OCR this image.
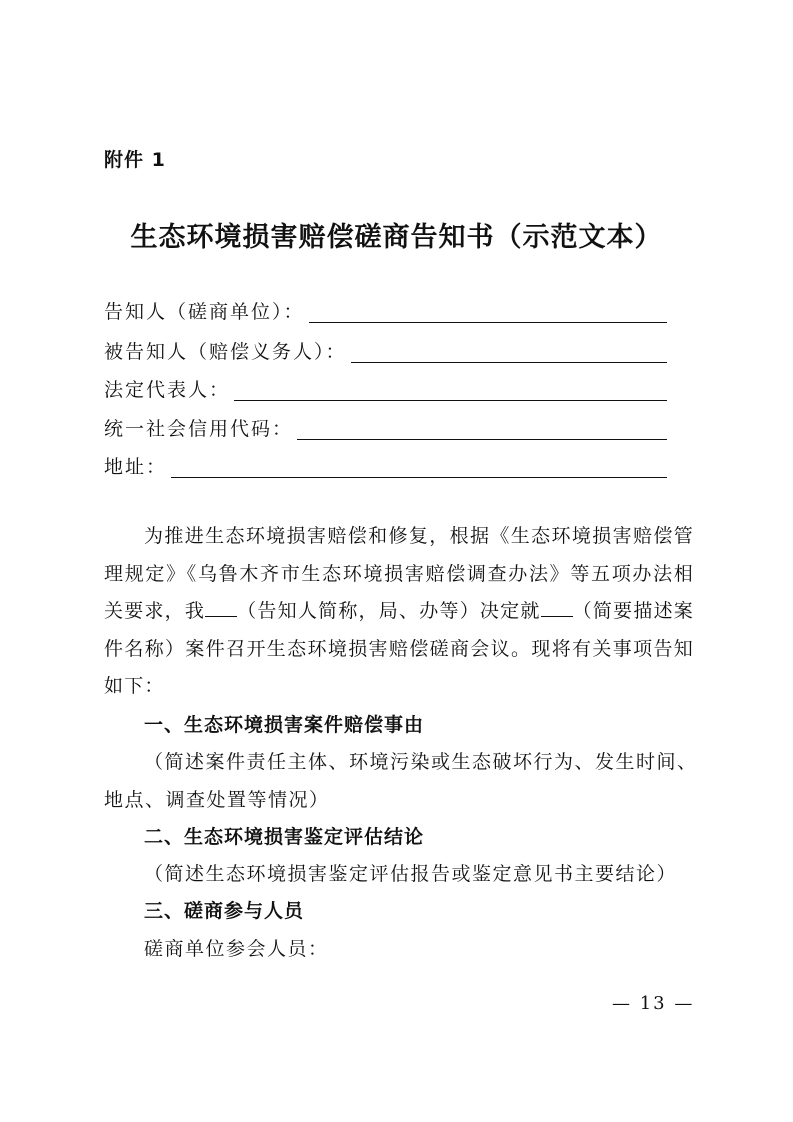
附件 1
生态环境损害赔偿磋商告知书（示范文本）
告知人（磋商单位）：
被告知人（赔偿义务人）：
法定代表人：
统一社会信用代码：
地址：
为推进生态环境损害赔偿和修复，根据《生态环境损害赔偿管理规定》《乌鲁木齐市生态环境损害赔偿调查办法》等五项办法相关要求，我 （告知人简称，局、办等）决定就 （简要描述案件名称）案件召开生态环境损害赔偿磋商会议。现将有关事项告知如下：
一、生态环境损害案件赔偿事由
（简述案件责任主体、环境污染或生态破坏行为、发生时间、
地点、调查处置等情况）
二、生态环境损害鉴定评估结论
（简述生态环境损害鉴定评估报告或鉴定意见书主要结论）
三、磋商参与人员
磋商单位参会人员：
— 13 —
